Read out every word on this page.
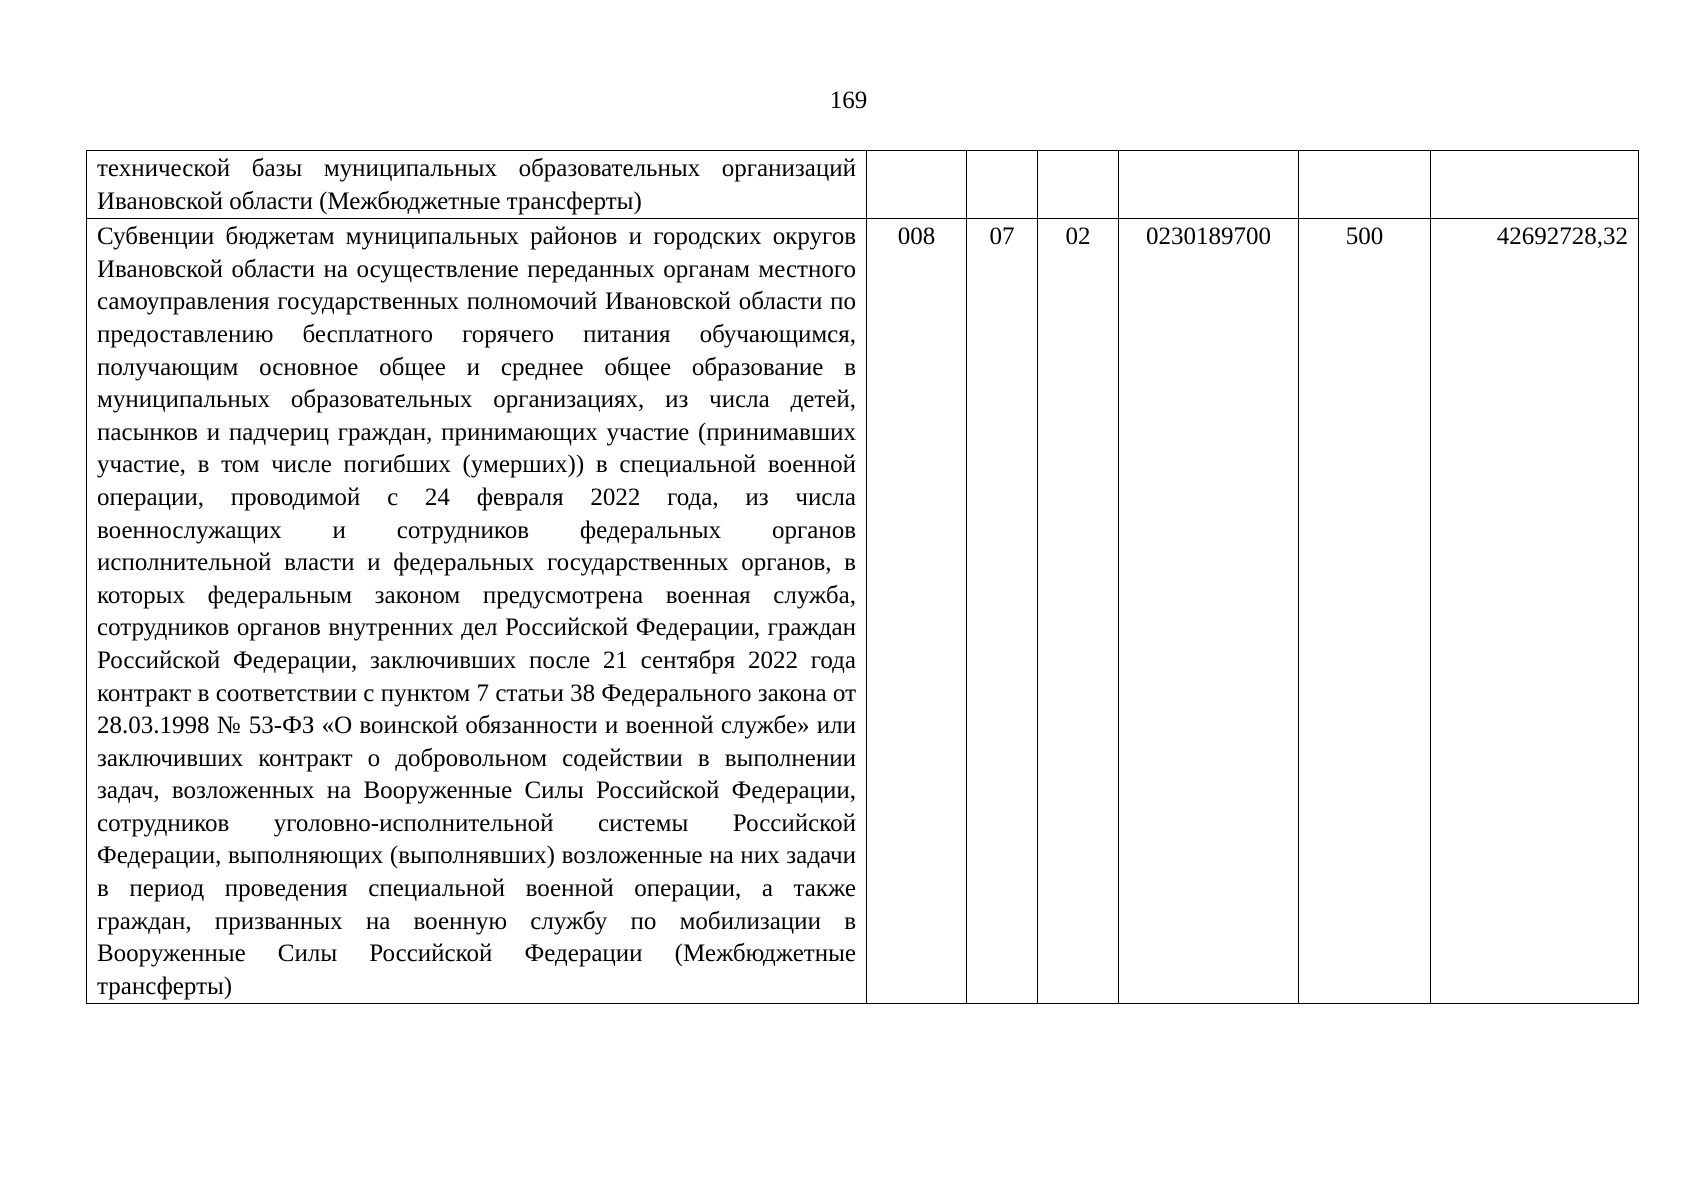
169
технической базы муниципальных образовательных организаций Ивановской области (Межбюджетные трансферты)						
Субвенции бюджетам муниципальных районов и городских округов Ивановской области на осуществление переданных органам местного самоуправления государственных полномочий Ивановской области по предоставлению бесплатного горячего питания обучающимся, получающим основное общее и среднее общее образование в муниципальных образовательных организациях, из числа детей, пасынков и падчериц граждан, принимающих участие (принимавших участие, в том числе погибших (умерших)) в специальной военной операции, проводимой с 24 февраля 2022 года, из числа военнослужащих и сотрудников федеральных органов исполнительной власти и федеральных государственных органов, в которых федеральным законом предусмотрена военная служба, сотрудников органов внутренних дел Российской Федерации, граждан Российской Федерации, заключивших после 21 сентября 2022 года контракт в соответствии с пунктом 7 статьи 38 Федерального закона от 28.03.1998 № 53-ФЗ «О воинской обязанности и военной службе» или заключивших контракт о добровольном содействии в выполнении задач, возложенных на Вооруженные Силы Российской Федерации, сотрудников уголовно-исполнительной системы Российской Федерации, выполняющих (выполнявших) возложенные на них задачи в период проведения специальной военной операции, а также граждан, призванных на военную службу по мобилизации в Вооруженные Силы Российской Федерации (Межбюджетные трансферты)	008	07	02	0230189700	500	42692728,32
